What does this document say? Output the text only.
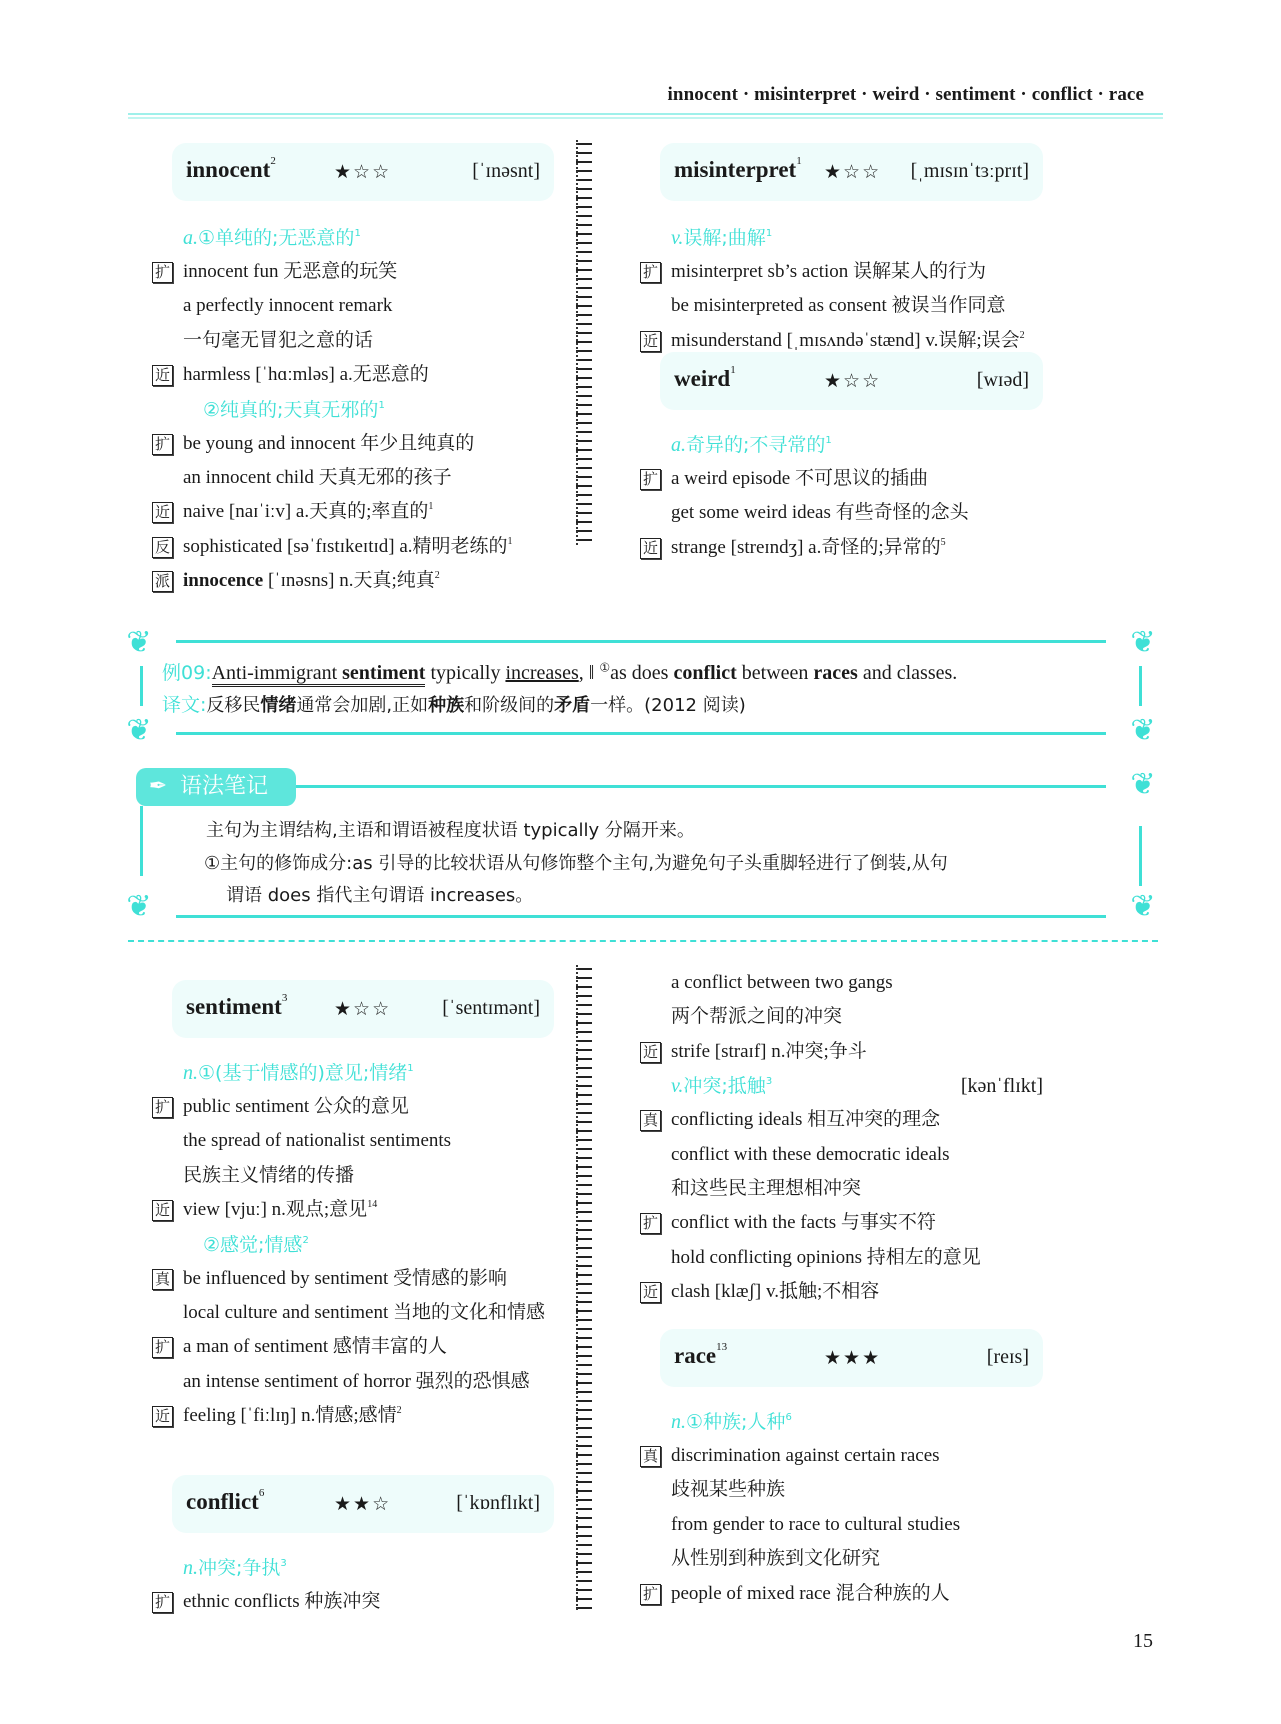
innocent · misinterpret · weird · sentiment · conflict · race
innocent$^2$
★☆☆	[ˈɪnəsnt]
a.①单纯的;无恶意的$^1$
扩 innocent fun 无恶意的玩笑
a perfectly innocent remark
一句毫无冒犯之意的话
近 harmless [ˈhɑːmləs] a.无恶意的
②纯真的;天真无邪的$^1$
扩 be young and innocent 年少且纯真的
an innocent child 天真无邪的孩子
近 naive [naɪˈiːv] a.天真的;率直的$^1$
反 sophisticated [səˈfɪstɪkeɪtɪd] a.精明老练的$^1$
派 innocence [ˈɪnəsns] n.天真;纯真$^2$
misinterpret$^1$
★☆☆ [ˌmɪsɪnˈtɜːprɪt]
v.误解;曲解$^1$
扩 misinterpret sb’s action 误解某人的行为
be misinterpreted as consent 被误当作同意
近 misunderstand [ˌmɪsʌndəˈstænd] v.误解;误会$^2$
weird$^1$
★☆☆	[wɪəd]
a.奇异的;不寻常的$^1$
扩 a weird episode 不可思议的插曲
get some weird ideas 有些奇怪的念头
近 strange [streɪndʒ] a.奇怪的;异常的$^5$
❦	❦
❦	❦
例09:Anti-immigrant sentiment typically increases, ‖ ①as does conflict between races and classes.
译文:反移民情绪通常会加剧,正如种族和阶级间的矛盾一样。(2012 阅读)
✒ 语法笔记	❦
❦	❦
主句为主谓结构,主语和谓语被程度状语 typically 分隔开来。
①主句的修饰成分:as 引导的比较状语从句修饰整个主句,为避免句子头重脚轻进行了倒装,从句
谓语 does 指代主句谓语 increases。
sentiment$^3$
★☆☆	[ˈsentɪmənt]
n.①(基于情感的)意见;情绪$^1$
扩 public sentiment 公众的意见
the spread of nationalist sentiments
民族主义情绪的传播
近 view [vjuː] n.观点;意见$^{14}$
②感觉;情感$^2$
真 be influenced by sentiment 受情感的影响
local culture and sentiment 当地的文化和情感
扩 a man of sentiment 感情丰富的人
an intense sentiment of horror 强烈的恐惧感
近 feeling [ˈfiːlɪŋ] n.情感;感情$^2$
conflict$^6$
★★☆	[ˈkɒnflɪkt]
n.冲突;争执$^3$
扩 ethnic conflicts 种族冲突
a conflict between two gangs
两个帮派之间的冲突
近 strife [straɪf] n.冲突;争斗
v.冲突;抵触$^3$	[kənˈflɪkt]
真 conflicting ideals 相互冲突的理念
conflict with these democratic ideals
和这些民主理想相冲突
扩 conflict with the facts 与事实不符
hold conflicting opinions 持相左的意见
近 clash [klæʃ] v.抵触;不相容
race$^{13}$
★★★	[reɪs]
n.①种族;人种$^6$
真 discrimination against certain races
歧视某些种族
from gender to race to cultural studies
从性别到种族到文化研究
扩 people of mixed race 混合种族的人
15
